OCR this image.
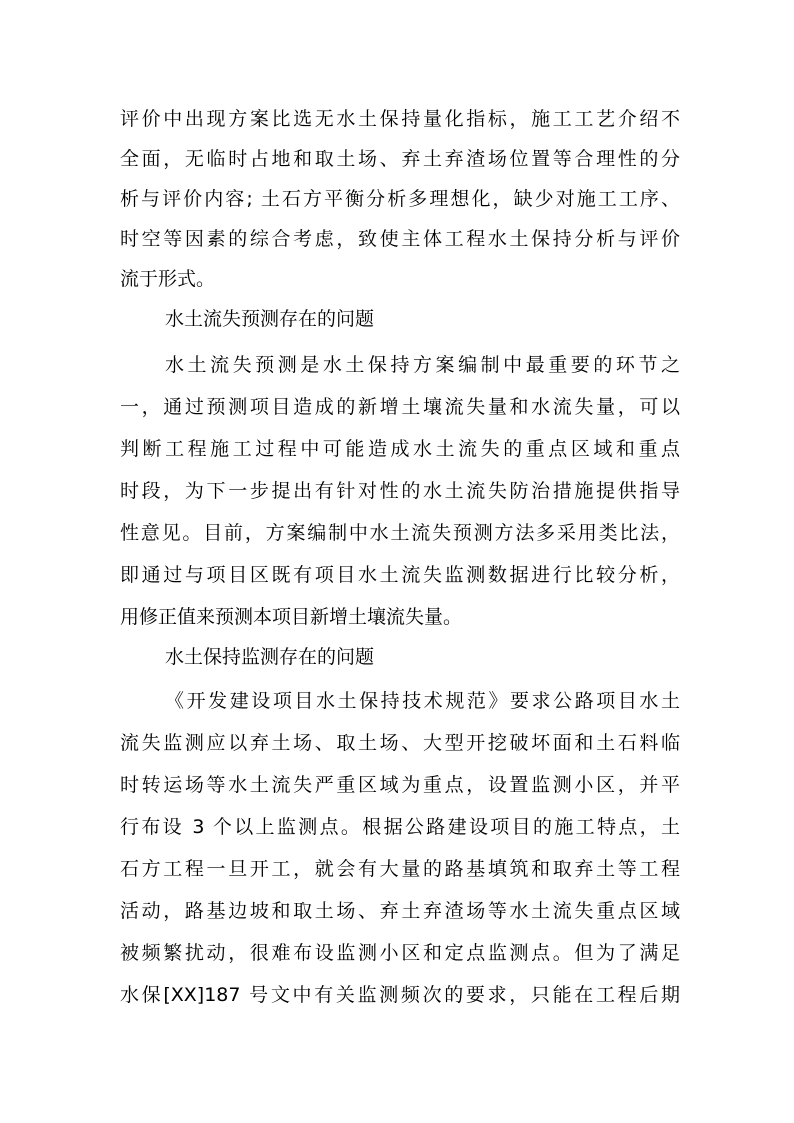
评价中出现方案比选无水土保持量化指标，施工工艺介绍不
全面，无临时占地和取土场、弃土弃渣场位置等合理性的分
析与评价内容; 土石方平衡分析多理想化，缺少对施工工序、
时空等因素的综合考虑，致使主体工程水土保持分析与评价
流于形式。
水土流失预测存在的问题
水土流失预测是水土保持方案编制中最重要的环节之
一，通过预测项目造成的新增土壤流失量和水流失量，可以
判断工程施工过程中可能造成水土流失的重点区域和重点
时段，为下一步提出有针对性的水土流失防治措施提供指导
性意见。目前，方案编制中水土流失预测方法多采用类比法，
即通过与项目区既有项目水土流失监测数据进行比较分析，
用修正值来预测本项目新增土壤流失量。
水土保持监测存在的问题
《开发建设项目水土保持技术规范》要求公路项目水土
流失监测应以弃土场、取土场、大型开挖破坏面和土石料临
时转运场等水土流失严重区域为重点，设置监测小区，并平
行布设 3 个以上监测点。根据公路建设项目的施工特点，土
石方工程一旦开工，就会有大量的路基填筑和取弃土等工程
活动，路基边坡和取土场、弃土弃渣场等水土流失重点区域
被频繁扰动，很难布设监测小区和定点监测点。但为了满足
水保[XX]187 号文中有关监测频次的要求，只能在工程后期
